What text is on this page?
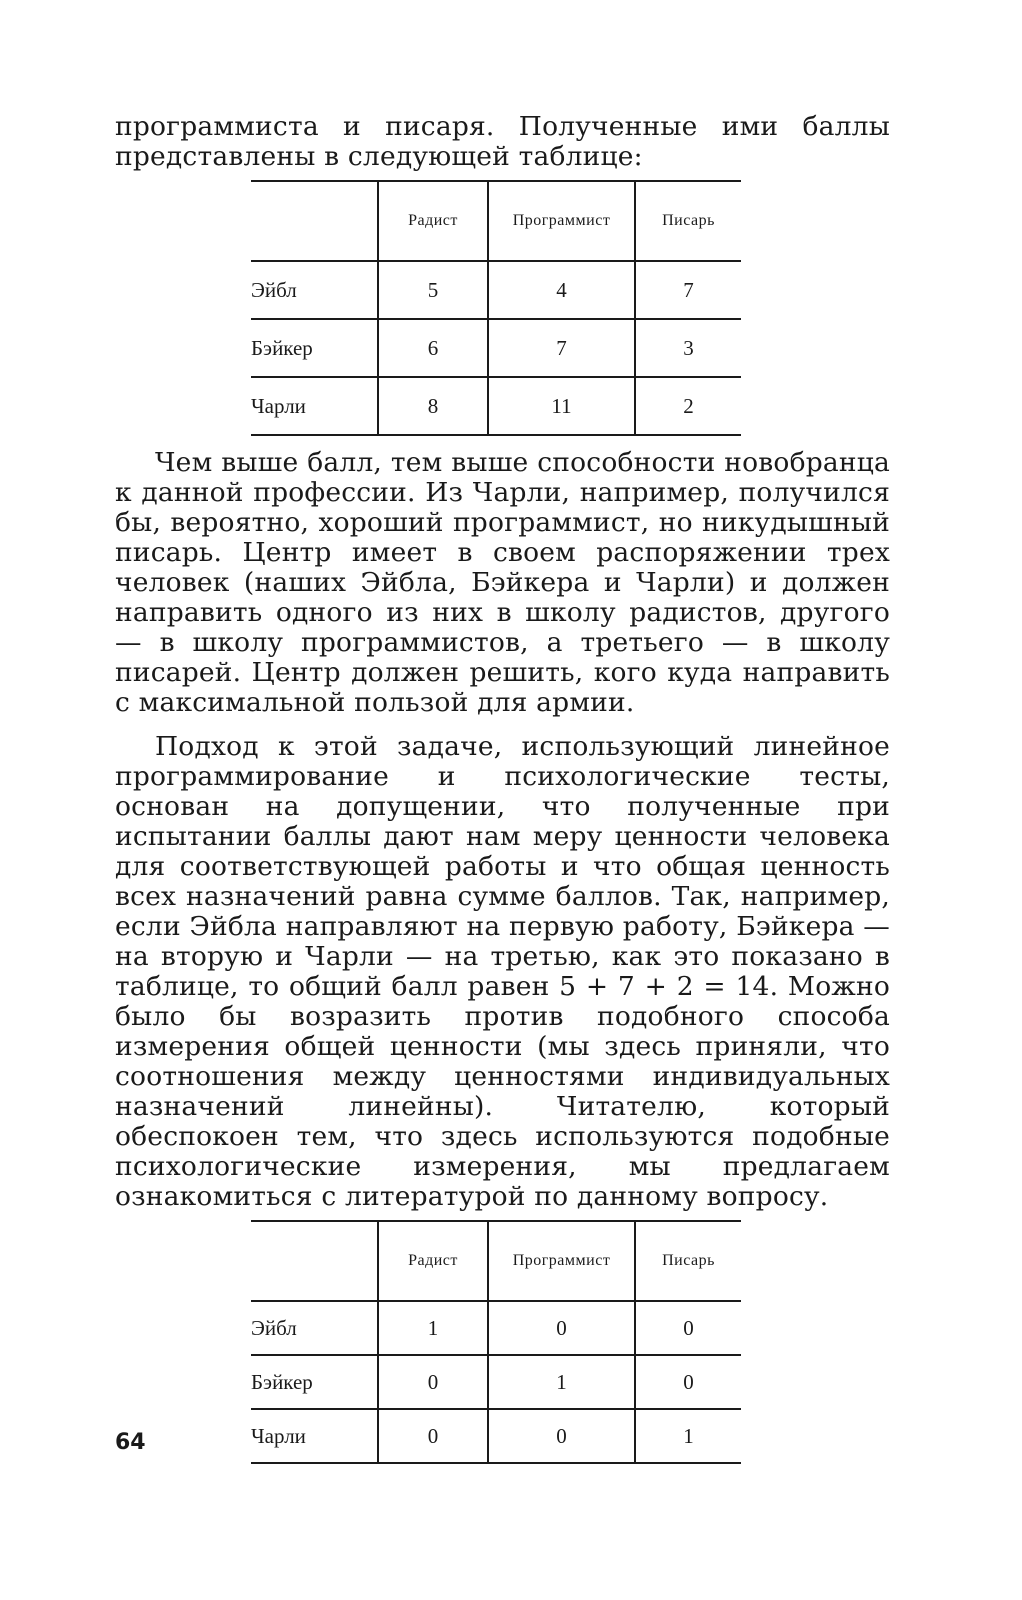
программиста и писаря. Полученные ими баллы представлены в следующей таблице:

	Радист	Программист	Писарь
Эйбл	5	4	7
Бэйкер	6	7	3
Чарли	8	11	2

Чем выше балл, тем выше способности новобранца к данной профессии. Из Чарли, например, получился бы, вероятно, хороший программист, но никудышный писарь. Центр имеет в своем распоряжении трех человек (наших Эйбла, Бэйкера и Чарли) и должен направить одного из них в школу радистов, другого — в школу программистов, а третьего — в школу писарей. Центр должен решить, кого куда направить с максимальной пользой для армии.

Подход к этой задаче, использующий линейное программирование и психологические тесты, основан на допущении, что полученные при испытании баллы дают нам меру ценности человека для соответствующей работы и что общая ценность всех назначений равна сумме баллов. Так, например, если Эйбла направляют на первую работу, Бэйкера — на вторую и Чарли — на третью, как это показано в таблице, то общий балл равен 5 + 7 + 2 = 14. Можно было бы возразить против подобного способа измерения общей ценности (мы здесь приняли, что соотношения между ценностями индивидуальных назначений линейны). Читателю, который обеспокоен тем, что здесь используются подобные психологические измерения, мы предлагаем ознакомиться с литературой по данному вопросу.

	Радист	Программист	Писарь
Эйбл	1	0	0
Бэйкер	0	1	0
Чарли	0	0	1
64
